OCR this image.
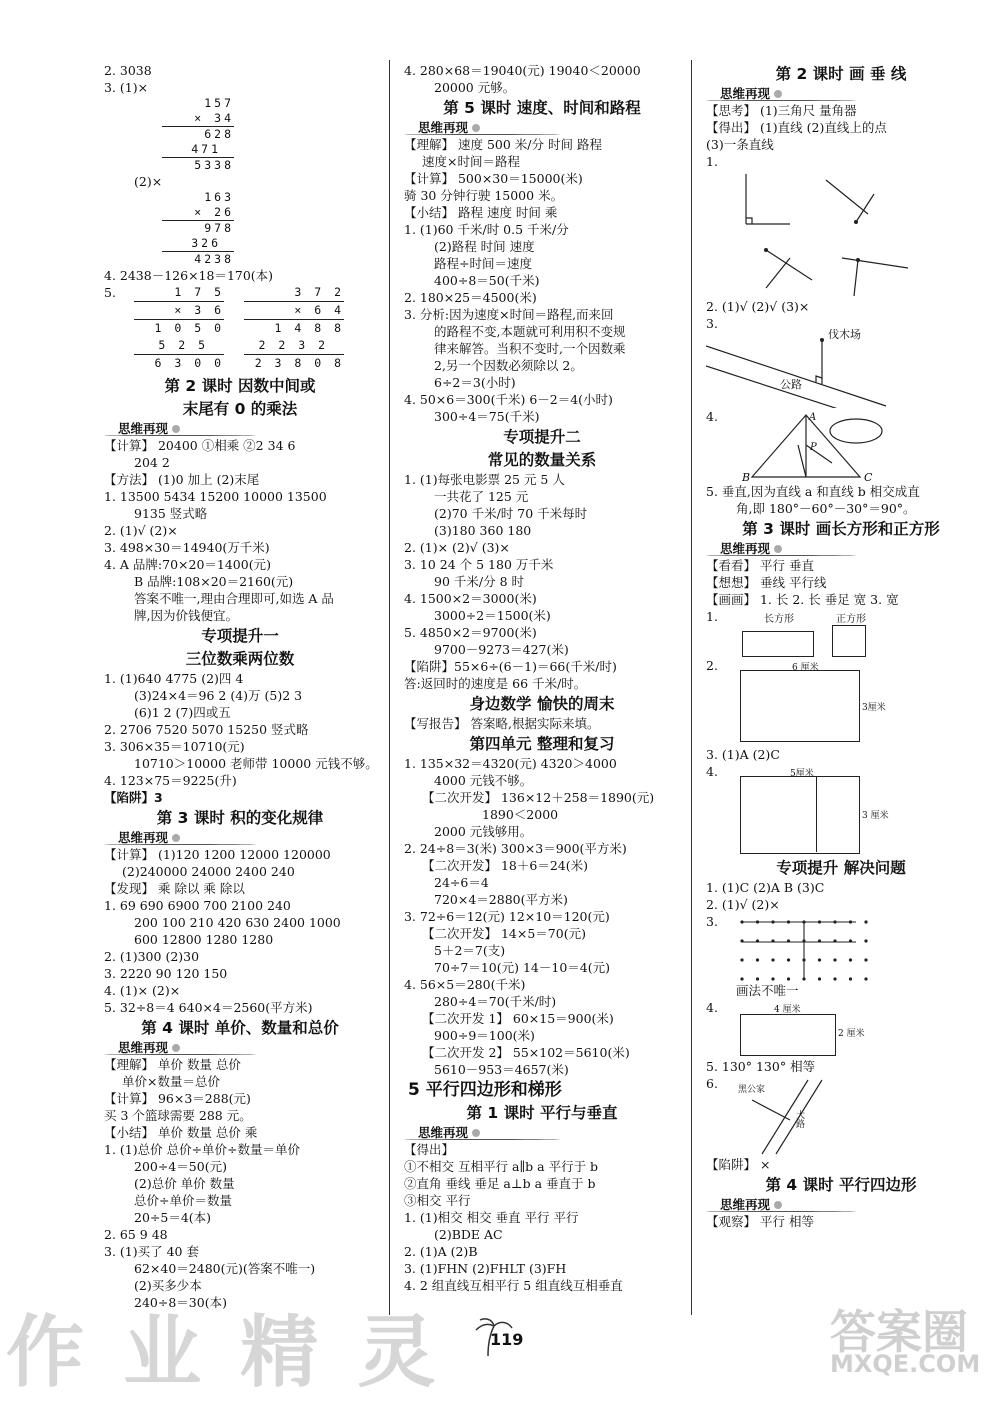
2. 3038
3. (1)×
157
× 34
628
471
5338
(2)×
163
× 26
978
326
4238
4. 2438－126×18＝170(本)
5.	1 7 5
× 3 6
1 0 5 0
5 2 5
6 3 0 0
3 7 2
× 6 4
1 4 8 8
2 2 3 2
2 3 8 0 8
第 2 课时 因数中间或
末尾有 0 的乘法
思维再现
【计算】 20400 ①相乘 ②2 34 6
204 2
【方法】 (1)0 加上 (2)末尾
1. 13500 5434 15200 10000 13500
9135 竖式略
2. (1)√ (2)×
3. 498×30＝14940(万千米)
4. A 品牌:70×20＝1400(元)
B 品牌:108×20＝2160(元)
答案不唯一,理由合理即可,如选 A 品
牌,因为价钱便宜。
专项提升一
三位数乘两位数
1. (1)640 4775 (2)四 4
(3)24×4＝96 2 (4)万 (5)2 3
(6)1 2 (7)四或五
2. 2706 7520 5070 15250 竖式略
3. 306×35＝10710(元)
10710＞10000 老师带 10000 元钱不够。
4. 123×75＝9225(升)
【陷阱】3
第 3 课时 积的变化规律
思维再现
【计算】 (1)120 1200 12000 120000
(2)240000 24000 2400 240
【发现】 乘 除以 乘 除以
1. 69 690 6900 700 2100 240
200 100 210 420 630 2400 1000
600 12800 1280 1280
2. (1)300 (2)30
3. 2220 90 120 150
4. (1)× (2)×
5. 32÷8＝4 640×4＝2560(平方米)
第 4 课时 单价、数量和总价
思维再现
【理解】 单价 数量 总价
单价×数量＝总价
【计算】 96×3＝288(元)
买 3 个篮球需要 288 元。
【小结】 单价 数量 总价 乘
1. (1)总价 总价÷单价÷数量＝单价
200÷4＝50(元)
(2)总价 单价 数量
总价÷单价＝数量
20÷5＝4(本)
2. 65 9 48
3. (1)买了 40 套
62×40＝2480(元)(答案不唯一)
(2)买多少本
240÷8＝30(本)
4. 280×68＝19040(元) 19040＜20000
20000 元够。
第 5 课时 速度、时间和路程
思维再现
【理解】 速度 500 米/分 时间 路程
速度×时间＝路程
【计算】 500×30＝15000(米)
骑 30 分钟行驶 15000 米。
【小结】 路程 速度 时间 乘
1. (1)60 千米/时 0.5 千米/分
(2)路程 时间 速度
路程÷时间＝速度
400÷8＝50(千米)
2. 180×25＝4500(米)
3. 分析:因为速度×时间＝路程,而来回
的路程不变,本题就可利用积不变规
律来解答。当积不变时,一个因数乘
2,另一个因数必须除以 2。
6÷2＝3(小时)
4. 50×6＝300(千米) 6－2＝4(小时)
300÷4＝75(千米)
专项提升二
常见的数量关系
1. (1)每张电影票 25 元 5 人
一共花了 125 元
(2)70 千米/时 70 千米每时
(3)180 360 180
2. (1)× (2)√ (3)×
3. 10 24 个 5 180 万千米
90 千米/分 8 时
4. 1500×2＝3000(米)
3000÷2＝1500(米)
5. 4850×2＝9700(米)
9700－9273＝427(米)
【陷阱】55×6÷(6－1)＝66(千米/时)
答:返回时的速度是 66 千米/时。
身边数学 愉快的周末
【写报告】 答案略,根据实际来填。
第四单元 整理和复习
1. 135×32＝4320(元) 4320＞4000
4000 元钱不够。
【二次开发】 136×12＋258＝1890(元)
1890＜2000
2000 元钱够用。
2. 24÷8＝3(米) 300×3＝900(平方米)
【二次开发】 18＋6＝24(米)
24÷6＝4
720×4＝2880(平方米)
3. 72÷6＝12(元) 12×10＝120(元)
【二次开发】 14×5＝70(元)
5＋2＝7(支)
70÷7＝10(元) 14－10＝4(元)
4. 56×5＝280(千米)
280÷4＝70(千米/时)
【二次开发 1】 60×15＝900(米)
900÷9＝100(米)
【二次开发 2】 55×102＝5610(米)
5610－953＝4657(米)
5 平行四边形和梯形
第 1 课时 平行与垂直
思维再现
【得出】
①不相交 互相平行 a∥b a 平行于 b
②直角 垂线 垂足 a⊥b a 垂直于 b
③相交 平行
1. (1)相交 相交 垂直 平行 平行
(2)BDE AC
2. (1)A (2)B
3. (1)FHN (2)FHLT (3)FH
4. 2 组直线互相平行 5 组直线互相垂直
第 2 课时 画 垂 线
思维再现
【思考】 (1)三角尺 量角器
【得出】 (1)直线 (2)直线上的点
(3)一条直线
1.
2. (1)√ (2)√ (3)×
3.
伐木场
公路
4.	A
P
B	C
5. 垂直,因为直线 a 和直线 b 相交成直
角,即 180°－60°－30°＝90°。
第 3 课时 画长方形和正方形
思维再现
【看看】 平行 垂直
【想想】 垂线 平行线
【画画】 1. 长 2. 长 垂足 宽 3. 宽
1.	长方形	正方形
2.	6 厘米
3厘米
3. (1)A (2)C
4.	5厘米
3 厘米
专项提升 解决问题
1. (1)C (2)A B (3)C
2. (1)√ (2)×
3.
画法不唯一
4.	4 厘米
2 厘米
5. 130° 130° 相等
6.	黑公家
大路
【陷阱】 ×
第 4 课时 平行四边形
思维再现
【观察】 平行 相等
119
作 业 精 灵	答案圈
MXQE.COM
